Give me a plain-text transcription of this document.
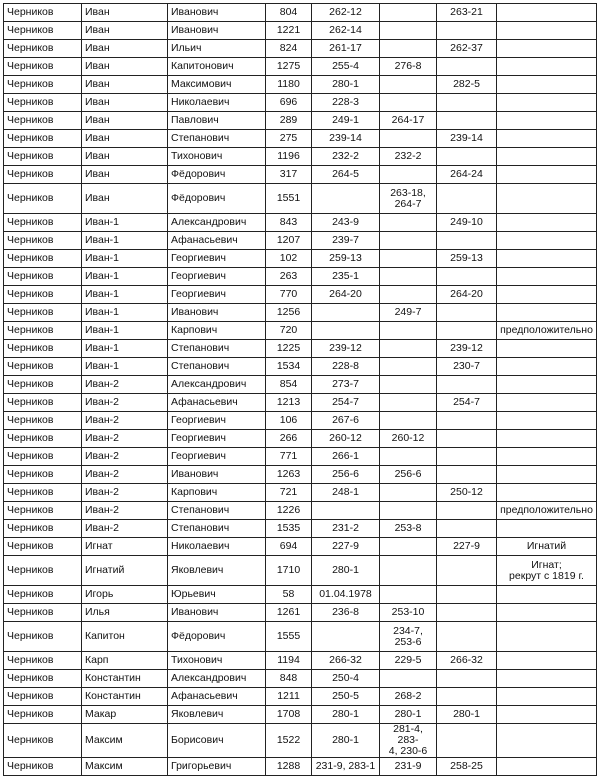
Черников	Иван	Иванович	804	262-12		263-21	
Черников	Иван	Иванович	1221	262-14			
Черников	Иван	Ильич	824	261-17		262-37	
Черников	Иван	Капитонович	1275	255-4	276-8		
Черников	Иван	Максимович	1180	280-1		282-5	
Черников	Иван	Николаевич	696	228-3			
Черников	Иван	Павлович	289	249-1	264-17		
Черников	Иван	Степанович	275	239-14		239-14	
Черников	Иван	Тихонович	1196	232-2	232-2		
Черников	Иван	Фёдорович	317	264-5		264-24	
Черников	Иван	Фёдорович	1551		263-18,
264-7		
Черников	Иван-1	Александрович	843	243-9		249-10	
Черников	Иван-1	Афанасьевич	1207	239-7			
Черников	Иван-1	Георгиевич	102	259-13		259-13	
Черников	Иван-1	Георгиевич	263	235-1			
Черников	Иван-1	Георгиевич	770	264-20		264-20	
Черников	Иван-1	Иванович	1256		249-7		
Черников	Иван-1	Карпович	720				предположительно
Черников	Иван-1	Степанович	1225	239-12		239-12	
Черников	Иван-1	Степанович	1534	228-8		230-7	
Черников	Иван-2	Александрович	854	273-7			
Черников	Иван-2	Афанасьевич	1213	254-7		254-7	
Черников	Иван-2	Георгиевич	106	267-6			
Черников	Иван-2	Георгиевич	266	260-12	260-12		
Черников	Иван-2	Георгиевич	771	266-1			
Черников	Иван-2	Иванович	1263	256-6	256-6		
Черников	Иван-2	Карпович	721	248-1		250-12	
Черников	Иван-2	Степанович	1226				предположительно
Черников	Иван-2	Степанович	1535	231-2	253-8		
Черников	Игнат	Николаевич	694	227-9		227-9	Игнатий
Черников	Игнатий	Яковлевич	1710	280-1			Игнат;
рекрут с 1819 г.
Черников	Игорь	Юрьевич	58	01.04.1978			
Черников	Илья	Иванович	1261	236-8	253-10		
Черников	Капитон	Фёдорович	1555		234-7,
253-6		
Черников	Карп	Тихонович	1194	266-32	229-5	266-32	
Черников	Константин	Александрович	848	250-4			
Черников	Константин	Афанасьевич	1211	250-5	268-2		
Черников	Макар	Яковлевич	1708	280-1	280-1	280-1	
Черников	Максим	Борисович	1522	280-1	281-4, 283-
4, 230-6		
Черников	Максим	Григорьевич	1288	231-9, 283-1	231-9	258-25	
